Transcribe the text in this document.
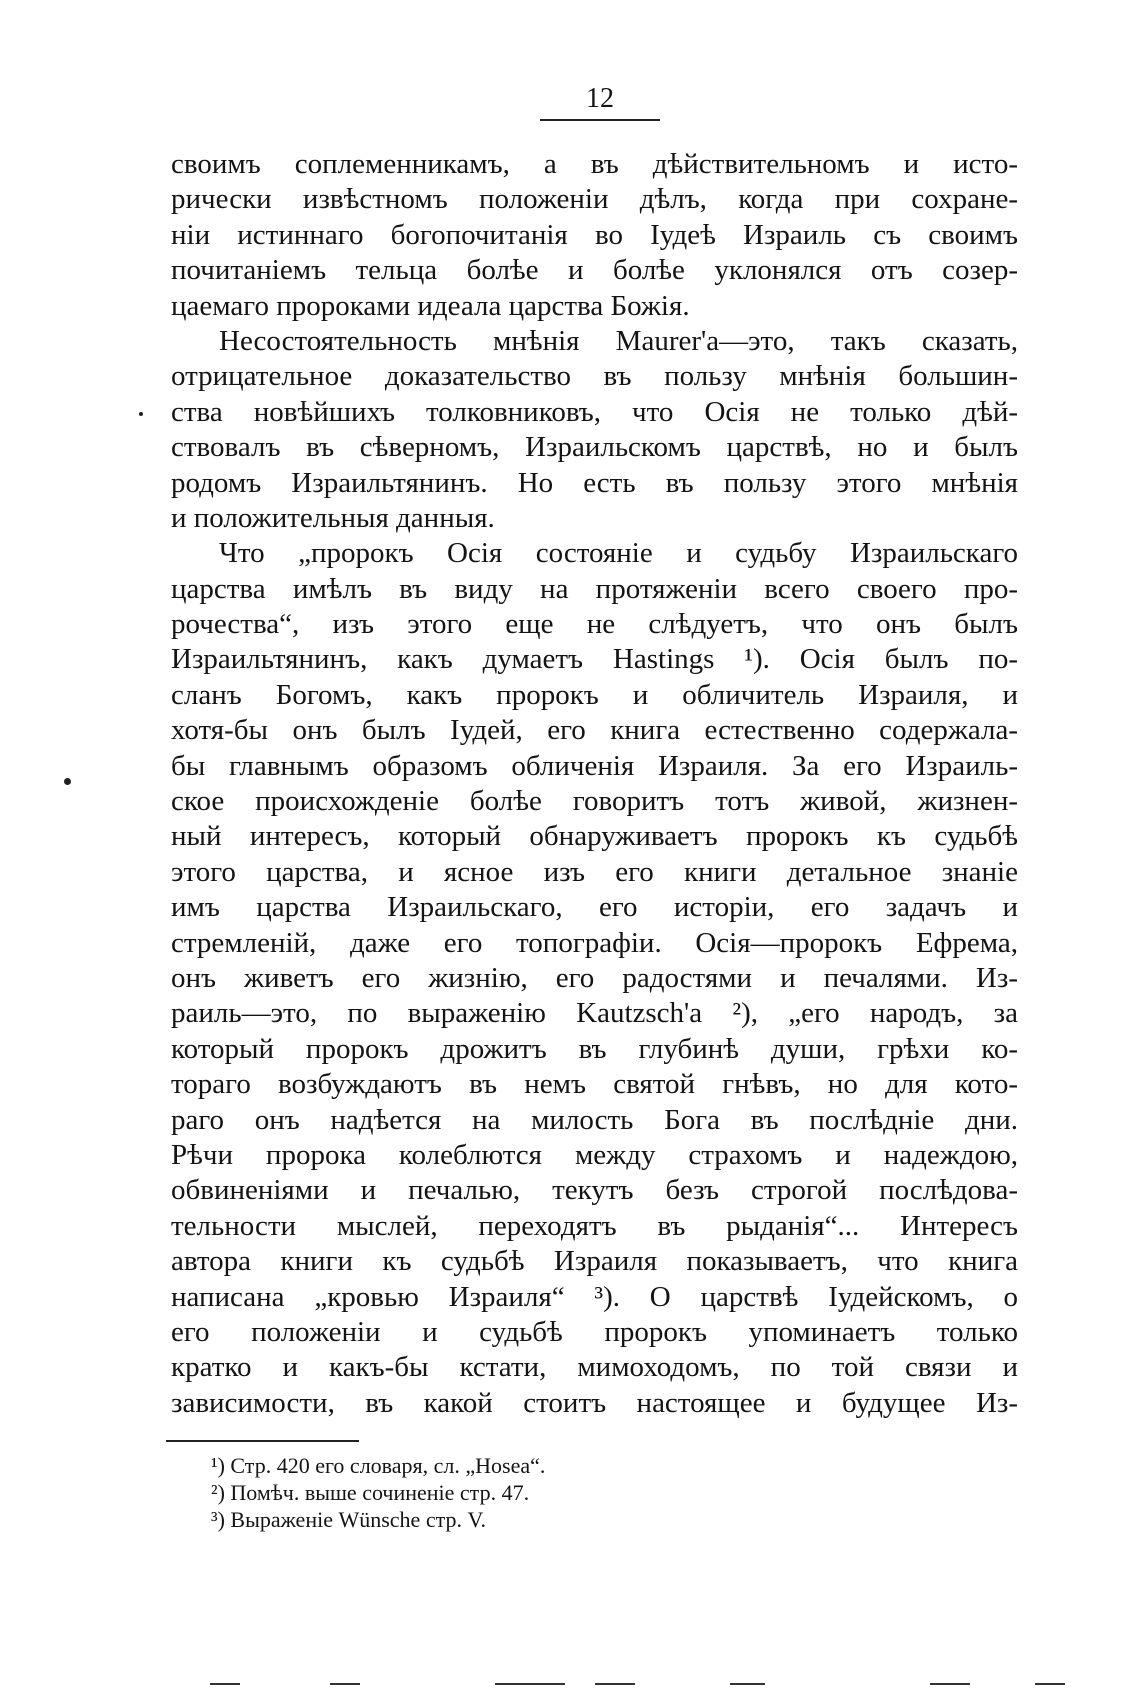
12
своимъ соплеменникамъ, а въ дѣйствительномъ и исто-
рически извѣстномъ положеніи дѣлъ, когда при сохране-
ніи истиннаго богопочитанія во Іудеѣ Израиль съ своимъ
почитаніемъ тельца болѣе и болѣе уклонялся отъ созер-
цаемаго пророками идеала царства Божія.
Несостоятельность мнѣнія Maurer'a—это, такъ сказать,
отрицательное доказательство въ пользу мнѣнія большин-
ства новѣйшихъ толковниковъ, что Осія не только дѣй-
ствовалъ въ сѣверномъ, Израильскомъ царствѣ, но и былъ
родомъ Израильтянинъ. Но есть въ пользу этого мнѣнія
и положительныя данныя.
Что „пророкъ Осія состояніе и судьбу Израильскаго
царства имѣлъ въ виду на протяженіи всего своего про-
рочества“, изъ этого еще не слѣдуетъ, что онъ былъ
Израильтянинъ, какъ думаетъ Hastings ¹). Осія былъ по-
сланъ Богомъ, какъ пророкъ и обличитель Израиля, и
хотя-бы онъ былъ Іудей, его книга естественно содержала-
бы главнымъ образомъ обличенія Израиля. За его Израиль-
ское происхожденіе болѣе говоритъ тотъ живой, жизнен-
ный интересъ, который обнаруживаетъ пророкъ къ судьбѣ
этого царства, и ясное изъ его книги детальное знаніе
имъ царства Израильскаго, его исторіи, его задачъ и
стремленій, даже его топографіи. Осія—пророкъ Ефрема,
онъ живетъ его жизнію, его радостями и печалями. Из-
раиль—это, по выраженію Kautzsch'a ²), „его народъ, за
который пророкъ дрожитъ въ глубинѣ души, грѣхи ко-
тораго возбуждаютъ въ немъ святой гнѣвъ, но для кото-
раго онъ надѣется на милость Бога въ послѣдніе дни.
Рѣчи пророка колеблются между страхомъ и надеждою,
обвиненіями и печалью, текутъ безъ строгой послѣдова-
тельности мыслей, переходятъ въ рыданія“... Интересъ
автора книги къ судьбѣ Израиля показываетъ, что книга
написана „кровью Израиля“ ³). О царствѣ Іудейскомъ, о
его положеніи и судьбѣ пророкъ упоминаетъ только
кратко и какъ-бы кстати, мимоходомъ, по той связи и
зависимости, въ какой стоитъ настоящее и будущее Из-
¹) Стр. 420 его словаря, сл. „Hosea“.
²) Помѣч. выше сочиненіе стр. 47.
³) Выраженіе Wünsche стр. V.
